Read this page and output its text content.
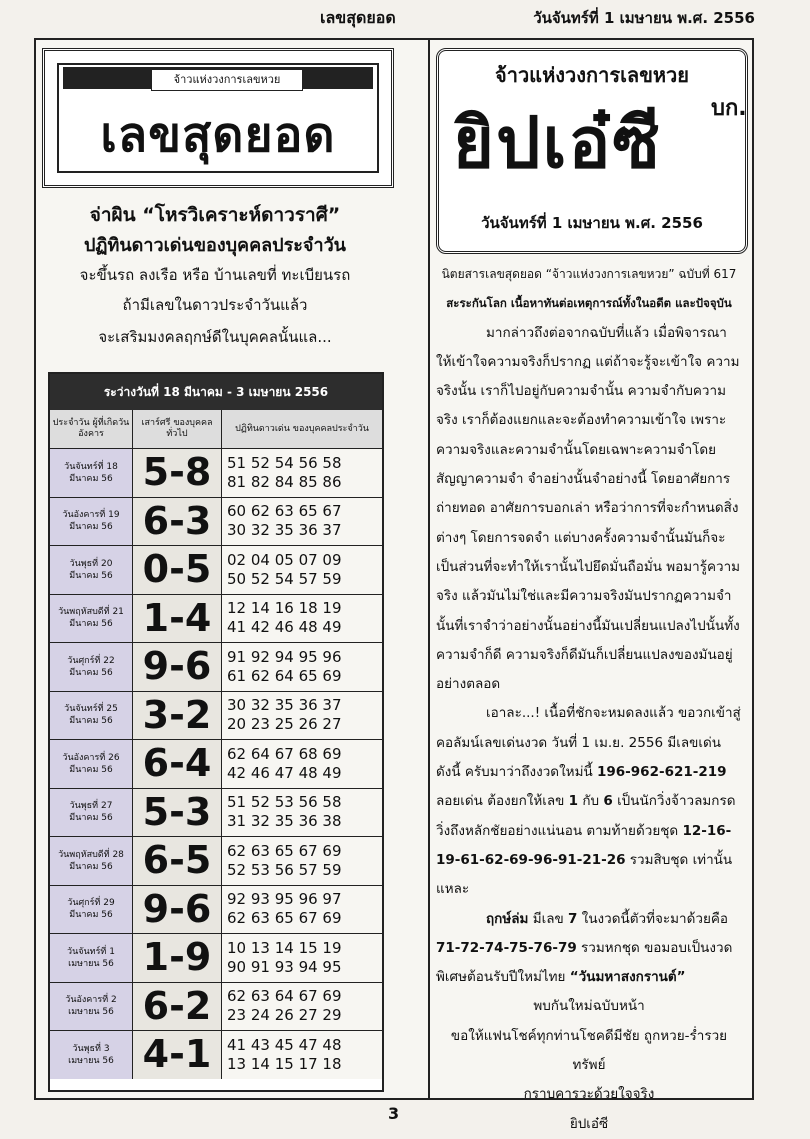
เลขสุดยอด	วันจันทร์ที่ 1 เมษายน พ.ศ. 2556
จ้าวแห่งวงการเลขหวย
เลขสุดยอด
จ่าผิน “โหรวิเคราะห์ดาวราศี”
ปฏิทินดาวเด่นของบุคคลประจำวัน
จะขึ้นรถ ลงเรือ หรือ บ้านเลขที่ ทะเบียนรถ
ถ้ามีเลขในดาวประจำวันแล้ว
จะเสริมมงคลฤกษ์ดีในบุคคลนั้นแล...
ระว่างวันที่ 18 มีนาคม - 3 เมษายน 2556
ประจำวัน ผู้ที่เกิดวันอังคาร
เสาร์ศรี ของบุคคลทั่วไป
ปฏิทินดาวเด่น ของบุคคลประจำวัน
วันจันทร์ที่ 18
มีนาคม 56 5-8	51 52 54 56 58
81 82 84 85 86
วันอังคารที่ 19
มีนาคม 56 6-3	60 62 63 65 67
30 32 35 36 37
วันพุธที่ 20
มีนาคม 56 0-5	02 04 05 07 09
50 52 54 57 59
วันพฤหัสบดีที่ 21
มีนาคม 56 1-4	12 14 16 18 19
41 42 46 48 49
วันศุกร์ที่ 22
มีนาคม 56 9-6	91 92 94 95 96
61 62 64 65 69
วันจันทร์ที่ 25
มีนาคม 56 3-2	30 32 35 36 37
20 23 25 26 27
วันอังคารที่ 26
มีนาคม 56 6-4	62 64 67 68 69
42 46 47 48 49
วันพุธที่ 27
มีนาคม 56 5-3	51 52 53 56 58
31 32 35 36 38
วันพฤหัสบดีที่ 28
มีนาคม 56 6-5	62 63 65 67 69
52 53 56 57 59
วันศุกร์ที่ 29
มีนาคม 56 9-6	92 93 95 96 97
62 63 65 67 69
วันจันทร์ที่ 1
เมษายน 56 1-9	10 13 14 15 19
90 91 93 94 95
วันอังคารที่ 2
เมษายน 56 6-2	62 63 64 67 69
23 24 26 27 29
วันพุธที่ 3
เมษายน 56 4-1	41 43 45 47 48
13 14 15 17 18
จ้าวแห่งวงการเลขหวย
ยิปเอ๋ซี บก.
วันจันทร์ที่ 1 เมษายน พ.ศ. 2556

นิตยสารเลขสุดยอด “จ้าวแห่งวงการเลขหวย” ฉบับที่ 617

สะระกันโลก เนื้อหาทันต่อเหตุการณ์ทั้งในอดีต และปัจจุบัน

มากล่าวถึงต่อจากฉบับที่แล้ว เมื่อพิจารณาให้เข้าใจความจริงก็ปรากฏ แต่ถ้าจะรู้จะเข้าใจ ความจริงนั้น เราก็ไปอยู่กับความจำนั้น ความจำกับความจริง เราก็ต้องแยกและจะต้องทำความเข้าใจ เพราะความจริงและความจำนั้นโดยเฉพาะความจำโดยสัญญาความจำ จำอย่างนั้นจำอย่างนี้ โดยอาศัยการถ่ายทอด อาศัยการบอกเล่า หรือว่าการที่จะกำหนดสิ่งต่างๆ โดยการจดจำ แต่บางครั้งความจำนั้นมันก็จะเป็นส่วนที่จะทำให้เรานั้นไปยึดมั่นถือมั่น พอมารู้ความจริง แล้วมันไม่ใช่และมีความจริงมันปรากฏความจำนั้นที่เราจำว่าอย่างนั้นอย่างนี้มันเปลี่ยนแปลงไปนั้นทั้งความจำก็ดี ความจริงก็ดีมันก็เปลี่ยนแปลงของมันอยู่อย่างตลอด

เอาละ...! เนื้อที่ชักจะหมดลงแล้ว ขอวกเข้าสู่คอลัมน์เลขเด่นงวด วันที่ 1 เม.ย. 2556 มีเลขเด่นดังนี้ ครับมาว่าถึงงวดใหม่นี้ 196-962-621-219 ลอยเด่น ต้องยกให้เลข 1 กับ 6 เป็นนักวิ่งจ้าวลมกรดวิ่งถึงหลักชัยอย่างแน่นอน ตามท้ายด้วยชุด 12-16-19-61-62-69-96-91-21-26 รวมสิบชุด เท่านั้นแหละ

ฤกษ์ล่ม มีเลข 7 ในงวดนี้ตัวที่จะมาด้วยคือ 71-72-74-75-76-79 รวมหกชุด ขอมอบเป็นงวดพิเศษต้อนรับปีใหม่ไทย “วันมหาสงกรานต์”

พบกันใหม่ฉบับหน้า

ขอให้แฟนโชค์ทุกท่านโชคดีมีชัย ถูกหวย-ร่ำรวยทรัพย์

กราบคารวะด้วยใจจริง

ยิปเอ๋ซี

3
